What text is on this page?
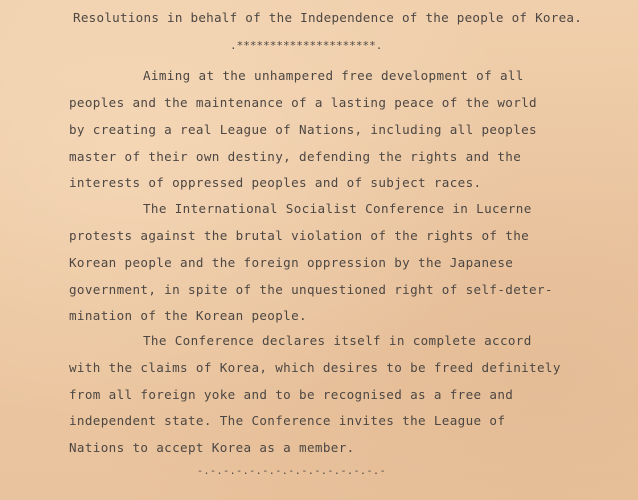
Resolutions in behalf of the Independence of the people of Korea.
.*********************.
Aiming at the unhampered free development of all
peoples and the maintenance of a lasting peace of the world
by creating a real League of Nations, including all peoples
master of their own destiny, defending the rights and the
interests of oppressed peoples and of subject races.
The International Socialist Conference in Lucerne
protests against the brutal violation of the rights of the
Korean people and the foreign oppression by the Japanese
government, in spite of the unquestioned right of self-deter-
mination of the Korean people.
The Conference declares itself in complete accord
with the claims of Korea, which desires to be freed definitely
from all foreign yoke and to be recognised as a free and
independent state. The Conference invites the League of
Nations to accept Korea as a member.
-.-.-.-.-.-.-.-.-.-.-.-.-.-.-
